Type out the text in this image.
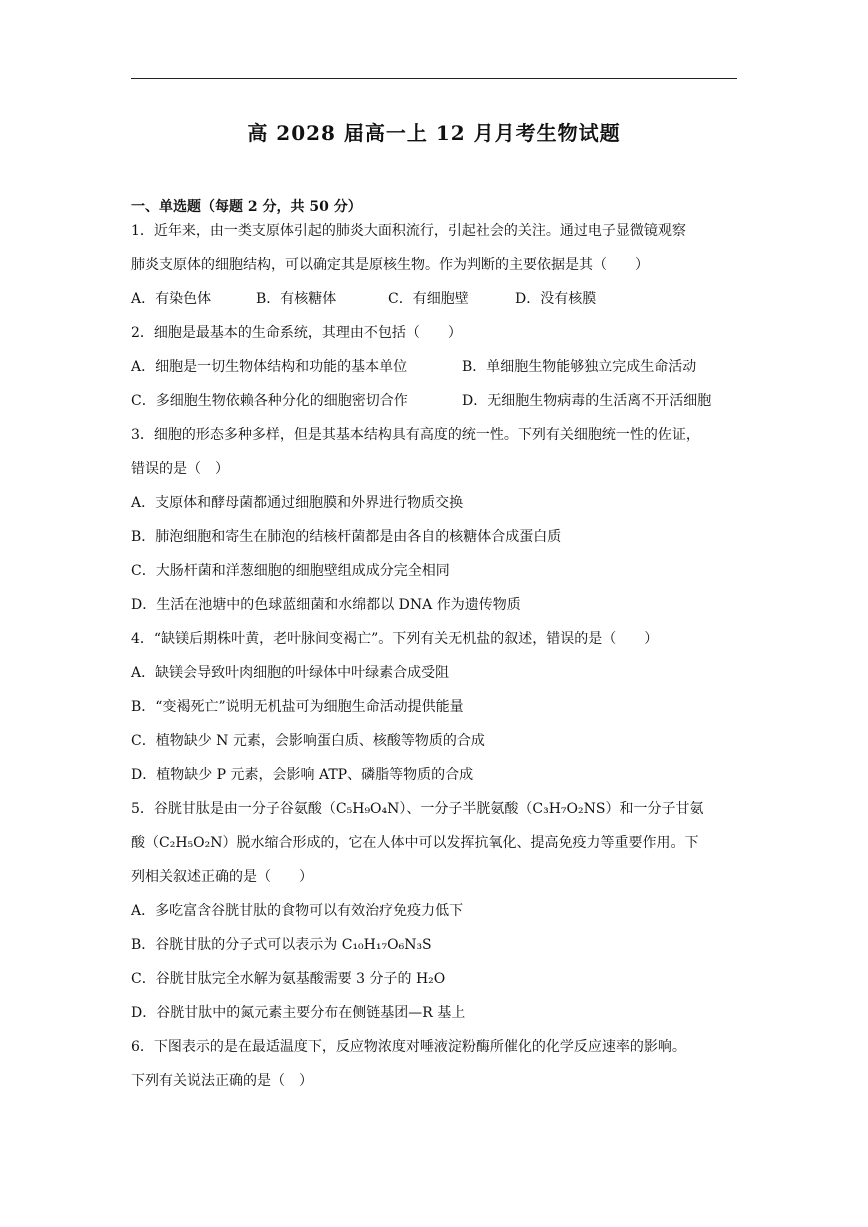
高 2028 届高一上 12 月月考生物试题
一、单选题（每题 2 分，共 50 分）
1．近年来，由一类支原体引起的肺炎大面积流行，引起社会的关注。通过电子显微镜观察
肺炎支原体的细胞结构，可以确定其是原核生物。作为判断的主要依据是其（　　）
A．有染色体	B．有核糖体	C．有细胞壁	D．没有核膜
2．细胞是最基本的生命系统，其理由不包括（　　）
A．细胞是一切生物体结构和功能的基本单位	B．单细胞生物能够独立完成生命活动
C．多细胞生物依赖各种分化的细胞密切合作	D．无细胞生物病毒的生活离不开活细胞
3．细胞的形态多种多样，但是其基本结构具有高度的统一性。下列有关细胞统一性的佐证，
错误的是（　）
A．支原体和酵母菌都通过细胞膜和外界进行物质交换
B．肺泡细胞和寄生在肺泡的结核杆菌都是由各自的核糖体合成蛋白质
C．大肠杆菌和洋葱细胞的细胞壁组成成分完全相同
D．生活在池塘中的色球蓝细菌和水绵都以 DNA 作为遗传物质
4．“缺镁后期株叶黄，老叶脉间变褐亡”。下列有关无机盐的叙述，错误的是（　　）
A．缺镁会导致叶肉细胞的叶绿体中叶绿素合成受阻
B．“变褐死亡”说明无机盐可为细胞生命活动提供能量
C．植物缺少 N 元素，会影响蛋白质、核酸等物质的合成
D．植物缺少 P 元素，会影响 ATP、磷脂等物质的合成
5．谷胱甘肽是由一分子谷氨酸（C₅H₉O₄N）、一分子半胱氨酸（C₃H₇O₂NS）和一分子甘氨
酸（C₂H₅O₂N）脱水缩合形成的，它在人体中可以发挥抗氧化、提高免疫力等重要作用。下
列相关叙述正确的是（　　）
A．多吃富含谷胱甘肽的食物可以有效治疗免疫力低下
B．谷胱甘肽的分子式可以表示为 C₁₀H₁₇O₆N₃S
C．谷胱甘肽完全水解为氨基酸需要 3 分子的 H₂O
D．谷胱甘肽中的氮元素主要分布在侧链基团—R 基上
6．下图表示的是在最适温度下，反应物浓度对唾液淀粉酶所催化的化学反应速率的影响。
下列有关说法正确的是（　）
